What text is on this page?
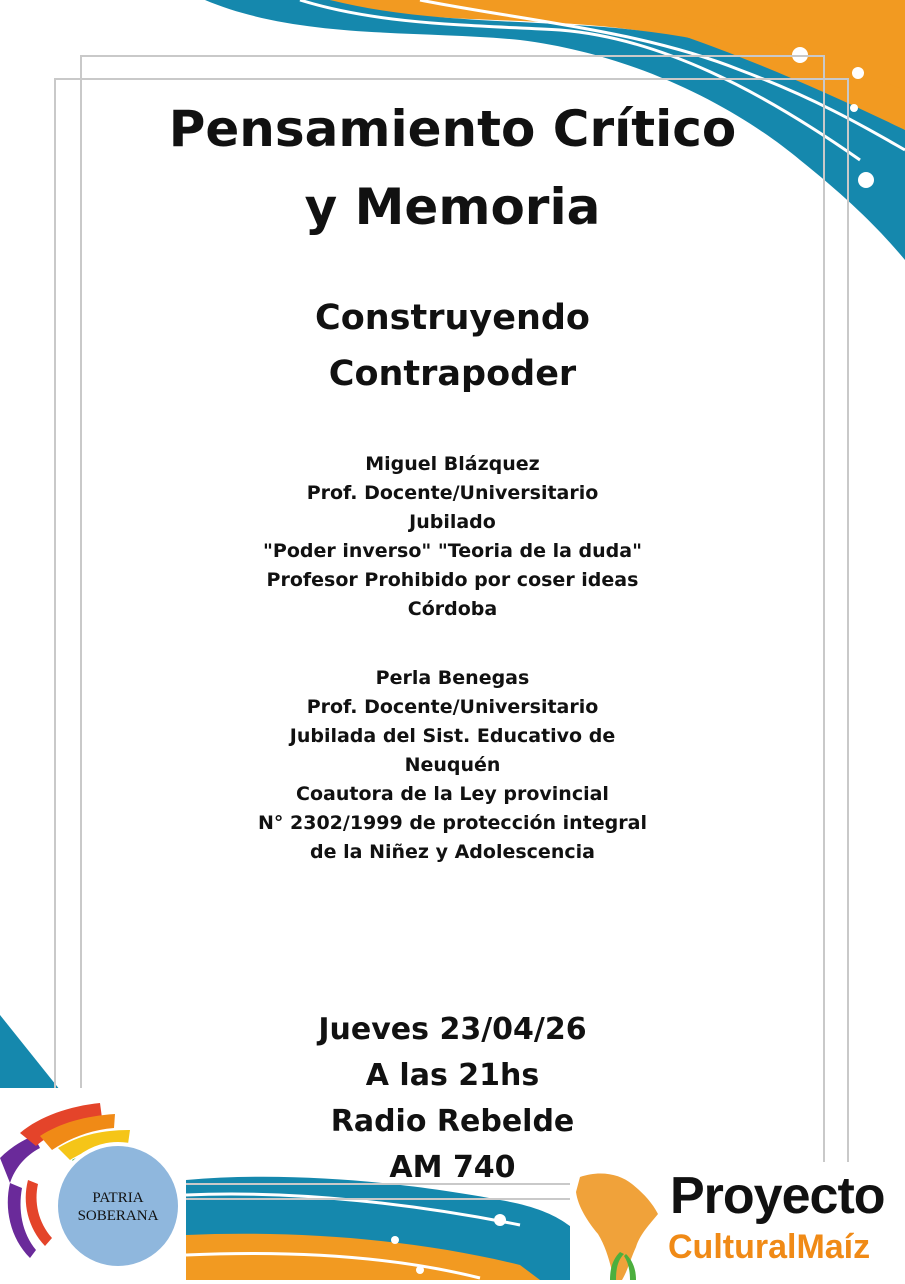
Pensamiento Crítico
y Memoria
Construyendo
Contrapoder

Miguel Blázquez

Prof. Docente/Universitario

Jubilado

"Poder inverso" "Teoria de la duda"

Profesor Prohibido por coser ideas

Córdoba

Perla Benegas

Prof. Docente/Universitario

Jubilada del Sist. Educativo de

Neuquén

Coautora de la Ley provincial

N° 2302/1999 de protección integral

de la Niñez y Adolescencia

Jueves 23/04/26

A las 21hs

Radio Rebelde

AM 740

PATRIA
SOBERANA	Proyecto
CulturalMaíz
